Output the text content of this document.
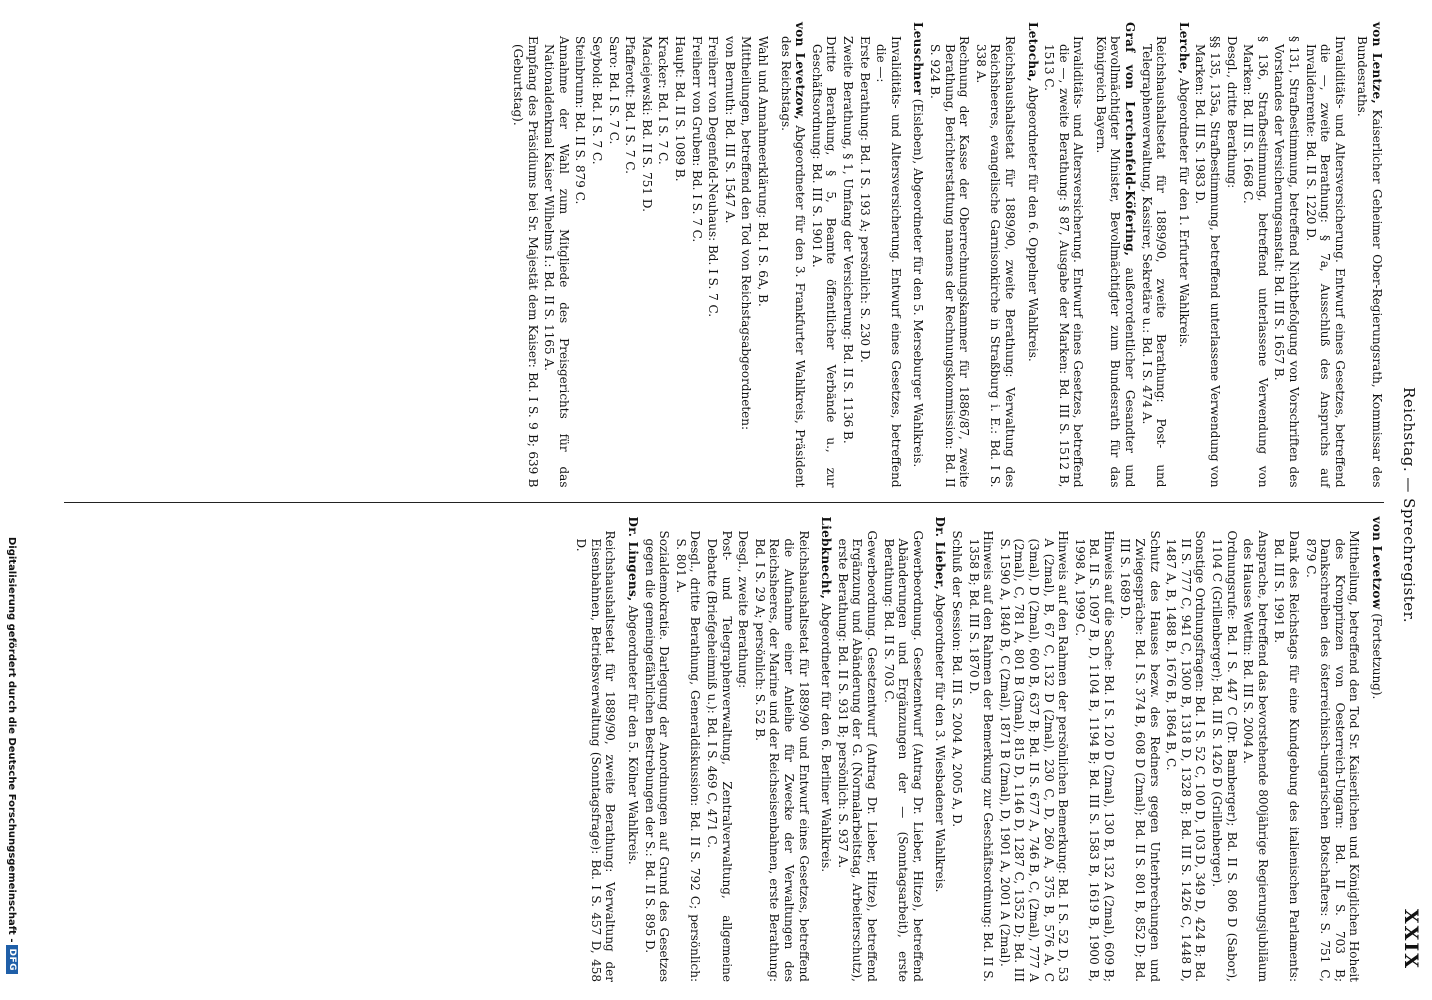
Reichstag. — Sprechregister.
XXIX

von Lentze, Kaiserlicher Geheimer Ober-Regierungsrath, Kommissar des Bundesraths.

Invaliditäts- und Altersversicherung. Entwurf eines Gesetzes, betreffend die —, zweite Berathung: § 7a, Ausschluß des Anspruchs auf Invalidenrente: Bd. II S. 1220 D.

§ 131, Strafbestimmung, betreffend Nichtbefolgung von Vorschriften des Vorstandes der Versicherungsanstalt: Bd. III S. 1657 B.

§ 136, Strafbestimmung, betreffend unterlassene Verwendung von Marken: Bd. III S. 1668 C.

Desgl., dritte Berathung:

§§ 135, 135a, Strafbestimmung, betreffend unterlassene Verwendung von Marken: Bd. III S. 1983 D.

Lerche, Abgeordneter für den 1. Erfurter Wahlkreis.

Reichshaushaltsetat für 1889/90, zweite Berathung: Post- und Telegraphenverwaltung, Kassirer, Sekretäre u.: Bd. I S. 474 A.

Graf von Lerchenfeld-Köfering, außerordentlicher Gesandter und bevollmächtigter Minister, Bevollmächtigter zum Bundesrath für das Königreich Bayern.

Invaliditäts- und Altersversicherung. Entwurf eines Gesetzes, betreffend die —, zweite Berathung: § 87, Ausgabe der Marken: Bd. III S. 1512 B, 1513 C.

Letocha, Abgeordneter für den 6. Oppelner Wahlkreis.

Reichshaushaltsetat für 1889/90, zweite Berathung: Verwaltung des Reichsheeres, evangelische Garnisonkirche in Straßburg i. E.: Bd. I S. 338 A.

Rechnung der Kasse der Oberrechnungskammer für 1886/87, zweite Berathung, Berichterstattung namens der Rechnungskommission: Bd. II S. 924 B.

Leuschner (Eisleben), Abgeordneter für den 5. Merseburger Wahlkreis.

Invaliditäts- und Altersversicherung. Entwurf eines Gesetzes, betreffend die —:

Erste Berathung: Bd. I S. 193 A; persönlich: S. 230 D.

Zweite Berathung, § 1, Umfang der Versicherung: Bd. II S. 1136 B.

Dritte Berathung, § 5, Beamte öffentlicher Verbände u., zur Geschäftsordnung: Bd. III S. 1901 A.

von Levetzow, Abgeordneter für den 3. Frankfurter Wahlkreis, Präsident des Reichstags.

Wahl und Annahmeerklärung: Bd. I S. 6A, B.

Mittheilungen, betreffend den Tod von Reichstagsabgeordneten:

von Bernuth: Bd. III S. 1547 A.

Freiherr von Degenfeld-Neuhaus: Bd. I S. 7 C.

Freiherr von Gruben: Bd. I S. 7 C.

Haupt: Bd. II S. 1089 B.

Kracker: Bd. I S. 7 C.

Maciejewski: Bd. II S. 751 D.

Pfafferott: Bd. I S. 7 C.

Saro: Bd. I S. 7 C.

Seybold: Bd. I S. 7 C.

Steinbrunn: Bd. II S. 879 C.

Annahme der Wahl zum Mitgliede des Preisgerichts für das Nationaldenkmal Kaiser Wilhelms I.: Bd. II S. 1165 A.

Empfang des Präsidiums bei Sr. Majestät dem Kaiser: Bd. I S. 9 B; 639 B (Geburtstag).

von Levetzow (Fortsetzung).

Mittheilung, betreffend den Tod Sr. Kaiserlichen und Königlichen Hoheit des Kronprinzen von Oesterreich-Ungarn: Bd. II S. 703 B; Dankschreiben des österreichisch-ungarischen Botschafters: S. 751 C, 879 C.

Dank des Reichstags für eine Kundgebung des italienischen Parlaments: Bd. III S. 1991 B.

Ansprache, betreffend das bevorstehende 800jährige Regierungsjubiläum des Hauses Wettin: Bd. III S. 2004 A.

Ordnungsrufe: Bd. I S. 447 C (Dr. Bamberger); Bd. II S. 806 D (Sabor), 1104 C (Grillenberger); Bd. III S. 1426 D (Grillenberger).

Sonstige Ordnungsfragen: Bd. I S. 52 C, 100 D, 103 D, 349 D, 424 B; Bd. II S. 777 C, 941 C, 1300 B, 1318 D, 1328 B; Bd. III S. 1426 C, 1448 D, 1487 A, B, 1488 B, 1676 B, 1864 B, C.

Schutz des Hauses bezw. des Redners gegen Unterbrechungen und Zwiegespräche: Bd. I S. 374 B, 608 D (2mal); Bd. II S. 801 B, 852 D; Bd. III S. 1689 D.

Hinweis auf die Sache: Bd. I S. 120 D (2mal), 130 B, 132 A (2mal), 609 B; Bd. II S. 1097 B, D, 1104 B, 1194 B; Bd. III S. 1583 B, 1619 B, 1900 B, 1998 A, 1999 C.

Hinweis auf den Rahmen der persönlichen Bemerkung: Bd. I S. 52 D, 53 A (2mal), B, 67 C, 132 D (2mal), 230 C, D, 260 A, 375 B, 576 A, C (3mal), D (2mal), 600 B, 637 B; Bd. II S. 677 A, 746 B, C, (2mal), 777 A (2mal), C, 781 A, 801 B (3mal), 815 D, 1146 D, 1287 C, 1352 D; Bd. III S. 1590 A, 1840 B, C (2mal), 1871 B (2mal), D, 1901 A, 2001 A (2mal).

Hinweis auf den Rahmen der Bemerkung zur Geschäftsordnung: Bd. II S. 1358 B; Bd. III S. 1870 D.

Schluß der Session: Bd. III S. 2004 A, 2005 A, D.

Dr. Lieber, Abgeordneter für den 3. Wiesbadener Wahlkreis.

Gewerbeordnung. Gesetzentwurf (Antrag Dr. Lieber, Hitze), betreffend Abänderungen und Ergänzungen der — (Sonntagsarbeit), erste Berathung: Bd. II S. 703 C.

Gewerbeordnung. Gesetzentwurf (Antrag Dr. Lieber, Hitze), betreffend Ergänzung und Abänderung der G. (Normalarbeitstag, Arbeiterschutz), erste Berathung: Bd. II S. 931 B; persönlich: S. 937 A.

Liebknecht, Abgeordneter für den 6. Berliner Wahlkreis.

Reichshaushaltsetat für 1889/90 und Entwurf eines Gesetzes, betreffend die Aufnahme einer Anleihe für Zwecke der Verwaltungen des Reichsheeres, der Marine und der Reichseisenbahnen, erste Berathung: Bd. I S. 29 A; persönlich: S. 52 B.

Desgl., zweite Berathung:

Post- und Telegraphenverwaltung, Zentralverwaltung, allgemeine Debatte (Briefgeheimniß u.): Bd. I S. 469 C, 471 C.

Desgl., dritte Berathung, Generaldiskussion: Bd. II S. 792 C; persönlich: S. 801 A.

Sozialdemokratie. Darlegung der Anordnungen auf Grund des Gesetzes gegen die gemeingefährlichen Bestrebungen der S.: Bd. II S. 895 D.

Dr. Lingens, Abgeordneter für den 5. Kölner Wahlkreis.

Reichshaushaltsetat für 1889/90, zweite Berathung: Verwaltung der Eisenbahnen, Betriebsverwaltung (Sonntagsfrage): Bd. I S. 457 D, 458 D.

Digitalisierung gefördert durch die Deutsche Forschungsgemeinschaft -
DFG
